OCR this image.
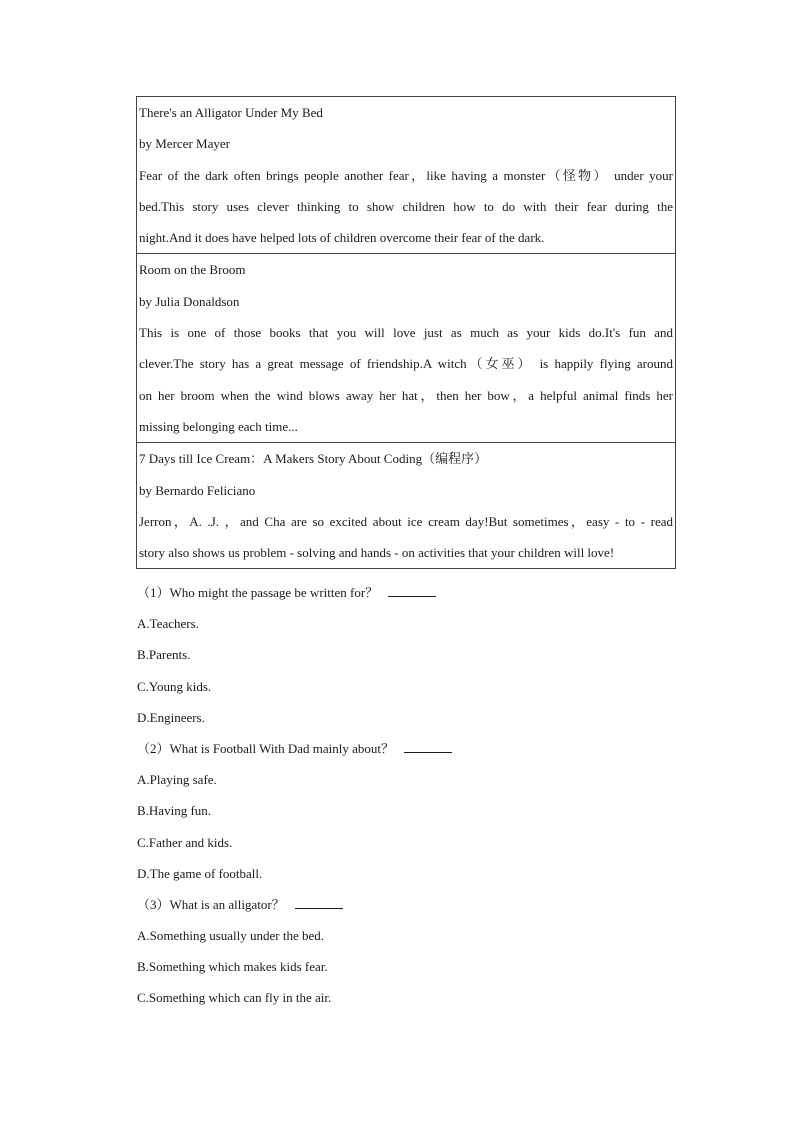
There's an Alligator Under My Bed
by Mercer Mayer
Fear of the dark often brings people another fear，like having a monster（怪物） under your
bed.This story uses clever thinking to show children how to do with their fear during the
night.And it does have helped lots of children overcome their fear of the dark.

Room on the Broom
by Julia Donaldson
This is one of those books that you will love just as much as your kids do.It's fun and
clever.The story has a great message of friendship.A witch（女巫） is happily flying around
on her broom when the wind blows away her hat，then her bow，a helpful animal finds her
missing belonging each time...

7 Days till Ice Cream：A Makers Story About Coding（编程序）
by Bernardo Feliciano
Jerron，A. .J. ，and Cha are so excited about ice cream day!But sometimes，easy - to - read
story also shows us problem - solving and hands - on activities that your children will love!
（1）Who might the passage be written for？
A.Teachers.
B.Parents.
C.Young kids.
D.Engineers.
（2）What is Football With Dad mainly about？
A.Playing safe.
B.Having fun.
C.Father and kids.
D.The game of football.
（3）What is an alligator？
A.Something usually under the bed.
B.Something which makes kids fear.
C.Something which can fly in the air.
